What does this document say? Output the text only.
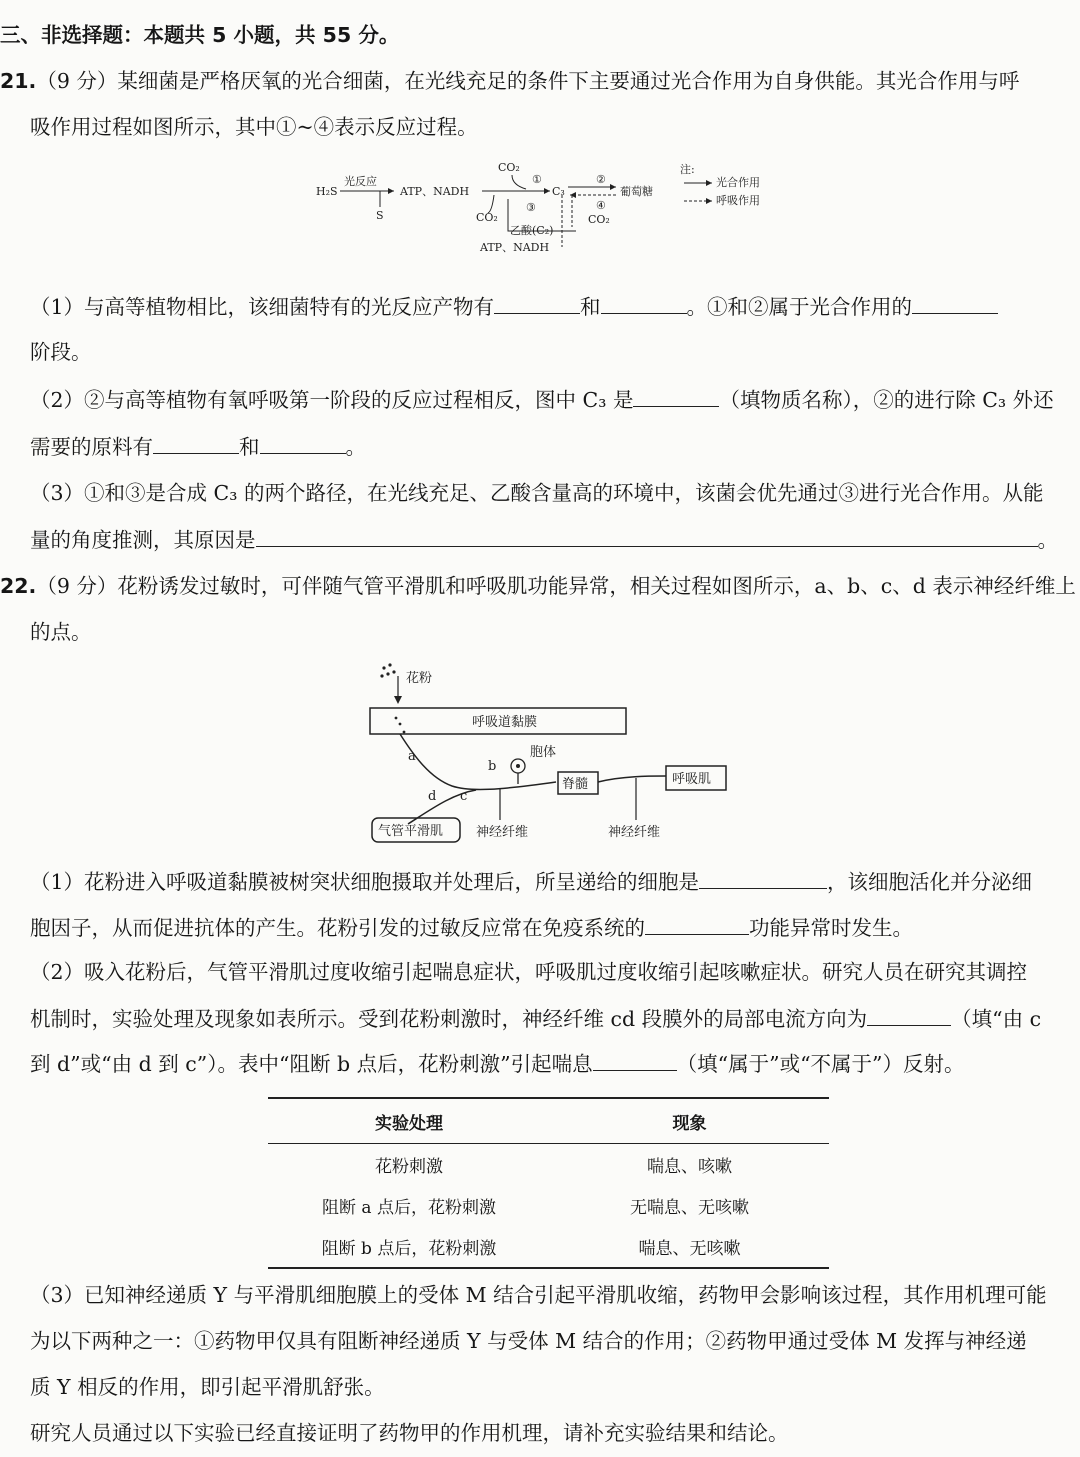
三、非选择题：本题共 5 小题，共 55 分。
21.（9 分）某细菌是严格厌氧的光合细菌，在光线充足的条件下主要通过光合作用为自身供能。其光合作用与呼
吸作用过程如图所示，其中①~④表示反应过程。
H₂S
光反应
S
ATP、NADH
CO₂
①
CO₂
③
乙酸(C₂)
ATP、NADH
C₃
②
④
CO₂
葡萄糖
注:
光合作用
呼吸作用
（1）与高等植物相比，该细菌特有的光反应产物有	和	。①和②属于光合作用的
阶段。
（2）②与高等植物有氧呼吸第一阶段的反应过程相反，图中 C₃ 是	（填物质名称），②的进行除 C₃ 外还
需要的原料有	和	。
（3）①和③是合成 C₃ 的两个路径，在光线充足、乙酸含量高的环境中，该菌会优先通过③进行光合作用。从能
量的角度推测，其原因是	。
22.（9 分）花粉诱发过敏时，可伴随气管平滑肌和呼吸肌功能异常，相关过程如图所示，a、b、c、d 表示神经纤维上
的点。
花粉
呼吸道黏膜
a
b
胞体
脊髓	呼吸肌
d c
气管平滑肌	神经纤维	神经纤维
（1）花粉进入呼吸道黏膜被树突状细胞摄取并处理后，所呈递给的细胞是	，该细胞活化并分泌细
胞因子，从而促进抗体的产生。花粉引发的过敏反应常在免疫系统的	功能异常时发生。
（2）吸入花粉后，气管平滑肌过度收缩引起喘息症状，呼吸肌过度收缩引起咳嗽症状。研究人员在研究其调控
机制时，实验处理及现象如表所示。受到花粉刺激时，神经纤维 cd 段膜外的局部电流方向为	（填“由 c
到 d”或“由 d 到 c”）。表中“阻断 b 点后，花粉刺激”引起喘息	（填“属于”或“不属于”）反射。
实验处理	现象
花粉刺激	喘息、咳嗽
阻断 a 点后，花粉刺激	无喘息、无咳嗽
阻断 b 点后，花粉刺激	喘息、无咳嗽
（3）已知神经递质 Y 与平滑肌细胞膜上的受体 M 结合引起平滑肌收缩，药物甲会影响该过程，其作用机理可能
为以下两种之一：①药物甲仅具有阻断神经递质 Y 与受体 M 结合的作用；②药物甲通过受体 M 发挥与神经递
质 Y 相反的作用，即引起平滑肌舒张。
研究人员通过以下实验已经直接证明了药物甲的作用机理，请补充实验结果和结论。
